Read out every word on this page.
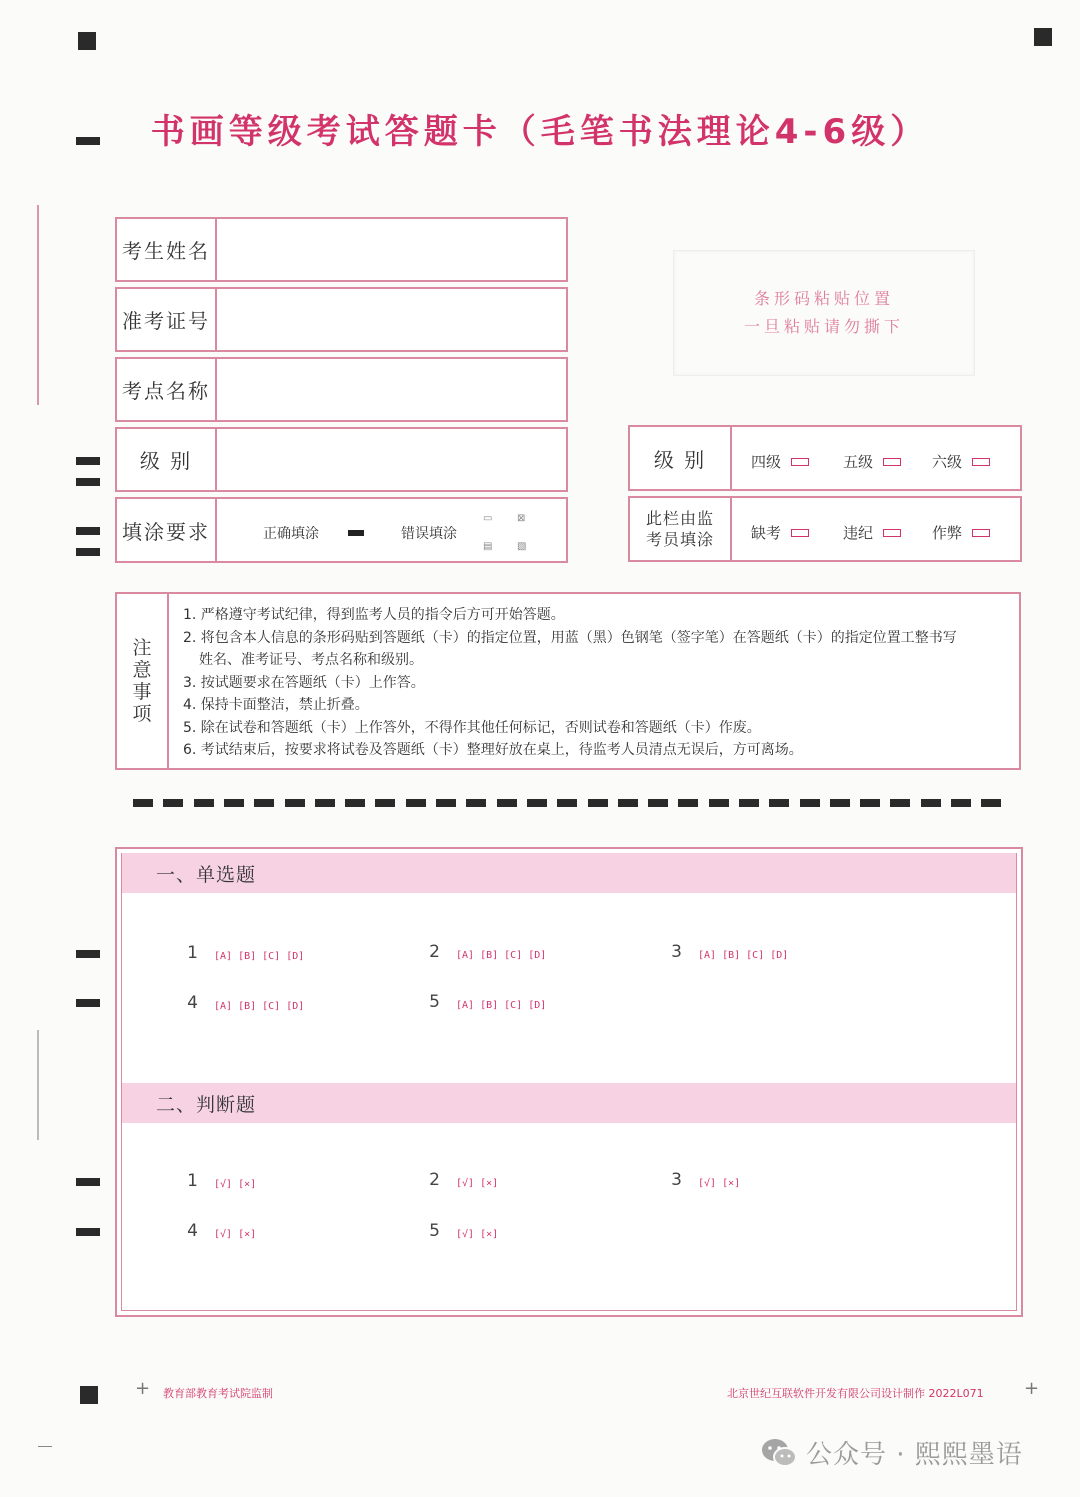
书画等级考试答题卡（毛笔书法理论4-6级）
考生姓名
准考证号
考点名称
级 别
填涂要求	正确填涂	错误填涂
▭ ⊠
▤ ▧
条形码粘贴位置
一旦粘贴请勿撕下
级 别	四级	五级	六级
此栏由监
考员填涂 缺考	违纪	作弊
注
意
事
项
1. 严格遵守考试纪律，得到监考人员的指令后方可开始答题。
2. 将包含本人信息的条形码贴到答题纸（卡）的指定位置，用蓝（黑）色钢笔（签字笔）在答题纸（卡）的指定位置工整书写
姓名、准考证号、考点名称和级别。
3. 按试题要求在答题纸（卡）上作答。
4. 保持卡面整洁，禁止折叠。
5. 除在试卷和答题纸（卡）上作答外，不得作其他任何标记，否则试卷和答题纸（卡）作废。
6. 考试结束后，按要求将试卷及答题纸（卡）整理好放在桌上，待监考人员清点无误后，方可离场。
一、单选题
二、判断题
1 [A] [B] [C] [D]	2 [A] [B] [C] [D]	3 [A] [B] [C] [D]
4 [A] [B] [C] [D]	5 [A] [B] [C] [D]
1 [√] [×]	2 [√] [×]	3 [√] [×]
4 [√] [×]	5 [√] [×]
+ 教育部教育考试院监制	北京世纪互联软件开发有限公司设计制作 2022L071 +
公众号 · 熙熙墨语
